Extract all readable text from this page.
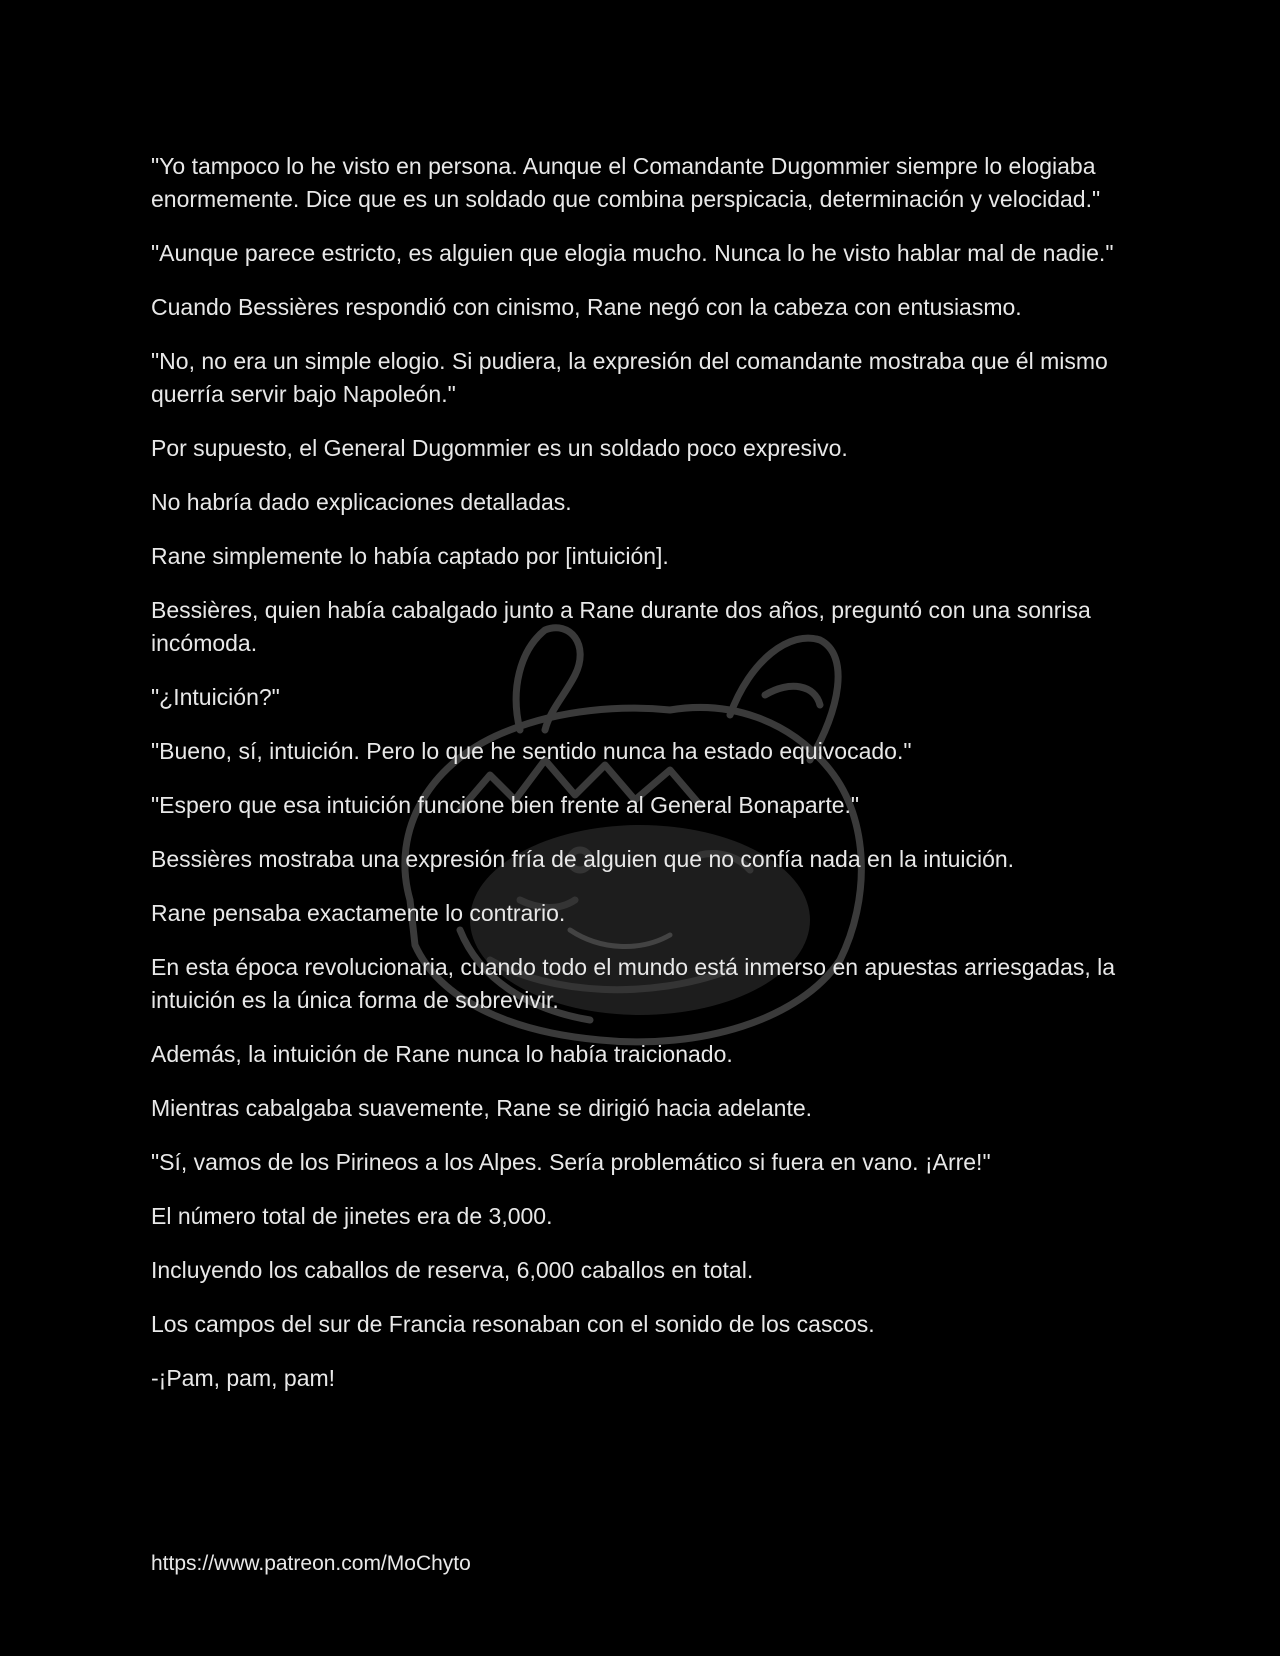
"Yo tampoco lo he visto en persona. Aunque el Comandante Dugommier siempre lo elogiaba enormemente. Dice que es un soldado que combina perspicacia, determinación y velocidad."

"Aunque parece estricto, es alguien que elogia mucho. Nunca lo he visto hablar mal de nadie."

Cuando Bessières respondió con cinismo, Rane negó con la cabeza con entusiasmo.

"No, no era un simple elogio. Si pudiera, la expresión del comandante mostraba que él mismo querría servir bajo Napoleón."

Por supuesto, el General Dugommier es un soldado poco expresivo.

No habría dado explicaciones detalladas.

Rane simplemente lo había captado por [intuición].

Bessières, quien había cabalgado junto a Rane durante dos años, preguntó con una sonrisa incómoda.

"¿Intuición?"

"Bueno, sí, intuición. Pero lo que he sentido nunca ha estado equivocado."

"Espero que esa intuición funcione bien frente al General Bonaparte."

Bessières mostraba una expresión fría de alguien que no confía nada en la intuición.

Rane pensaba exactamente lo contrario.

En esta época revolucionaria, cuando todo el mundo está inmerso en apuestas arriesgadas, la intuición es la única forma de sobrevivir.

Además, la intuición de Rane nunca lo había traicionado.

Mientras cabalgaba suavemente, Rane se dirigió hacia adelante.

"Sí, vamos de los Pirineos a los Alpes. Sería problemático si fuera en vano. ¡Arre!"

El número total de jinetes era de 3,000.

Incluyendo los caballos de reserva, 6,000 caballos en total.

Los campos del sur de Francia resonaban con el sonido de los cascos.

-¡Pam, pam, pam!

https://www.patreon.com/MoChyto
